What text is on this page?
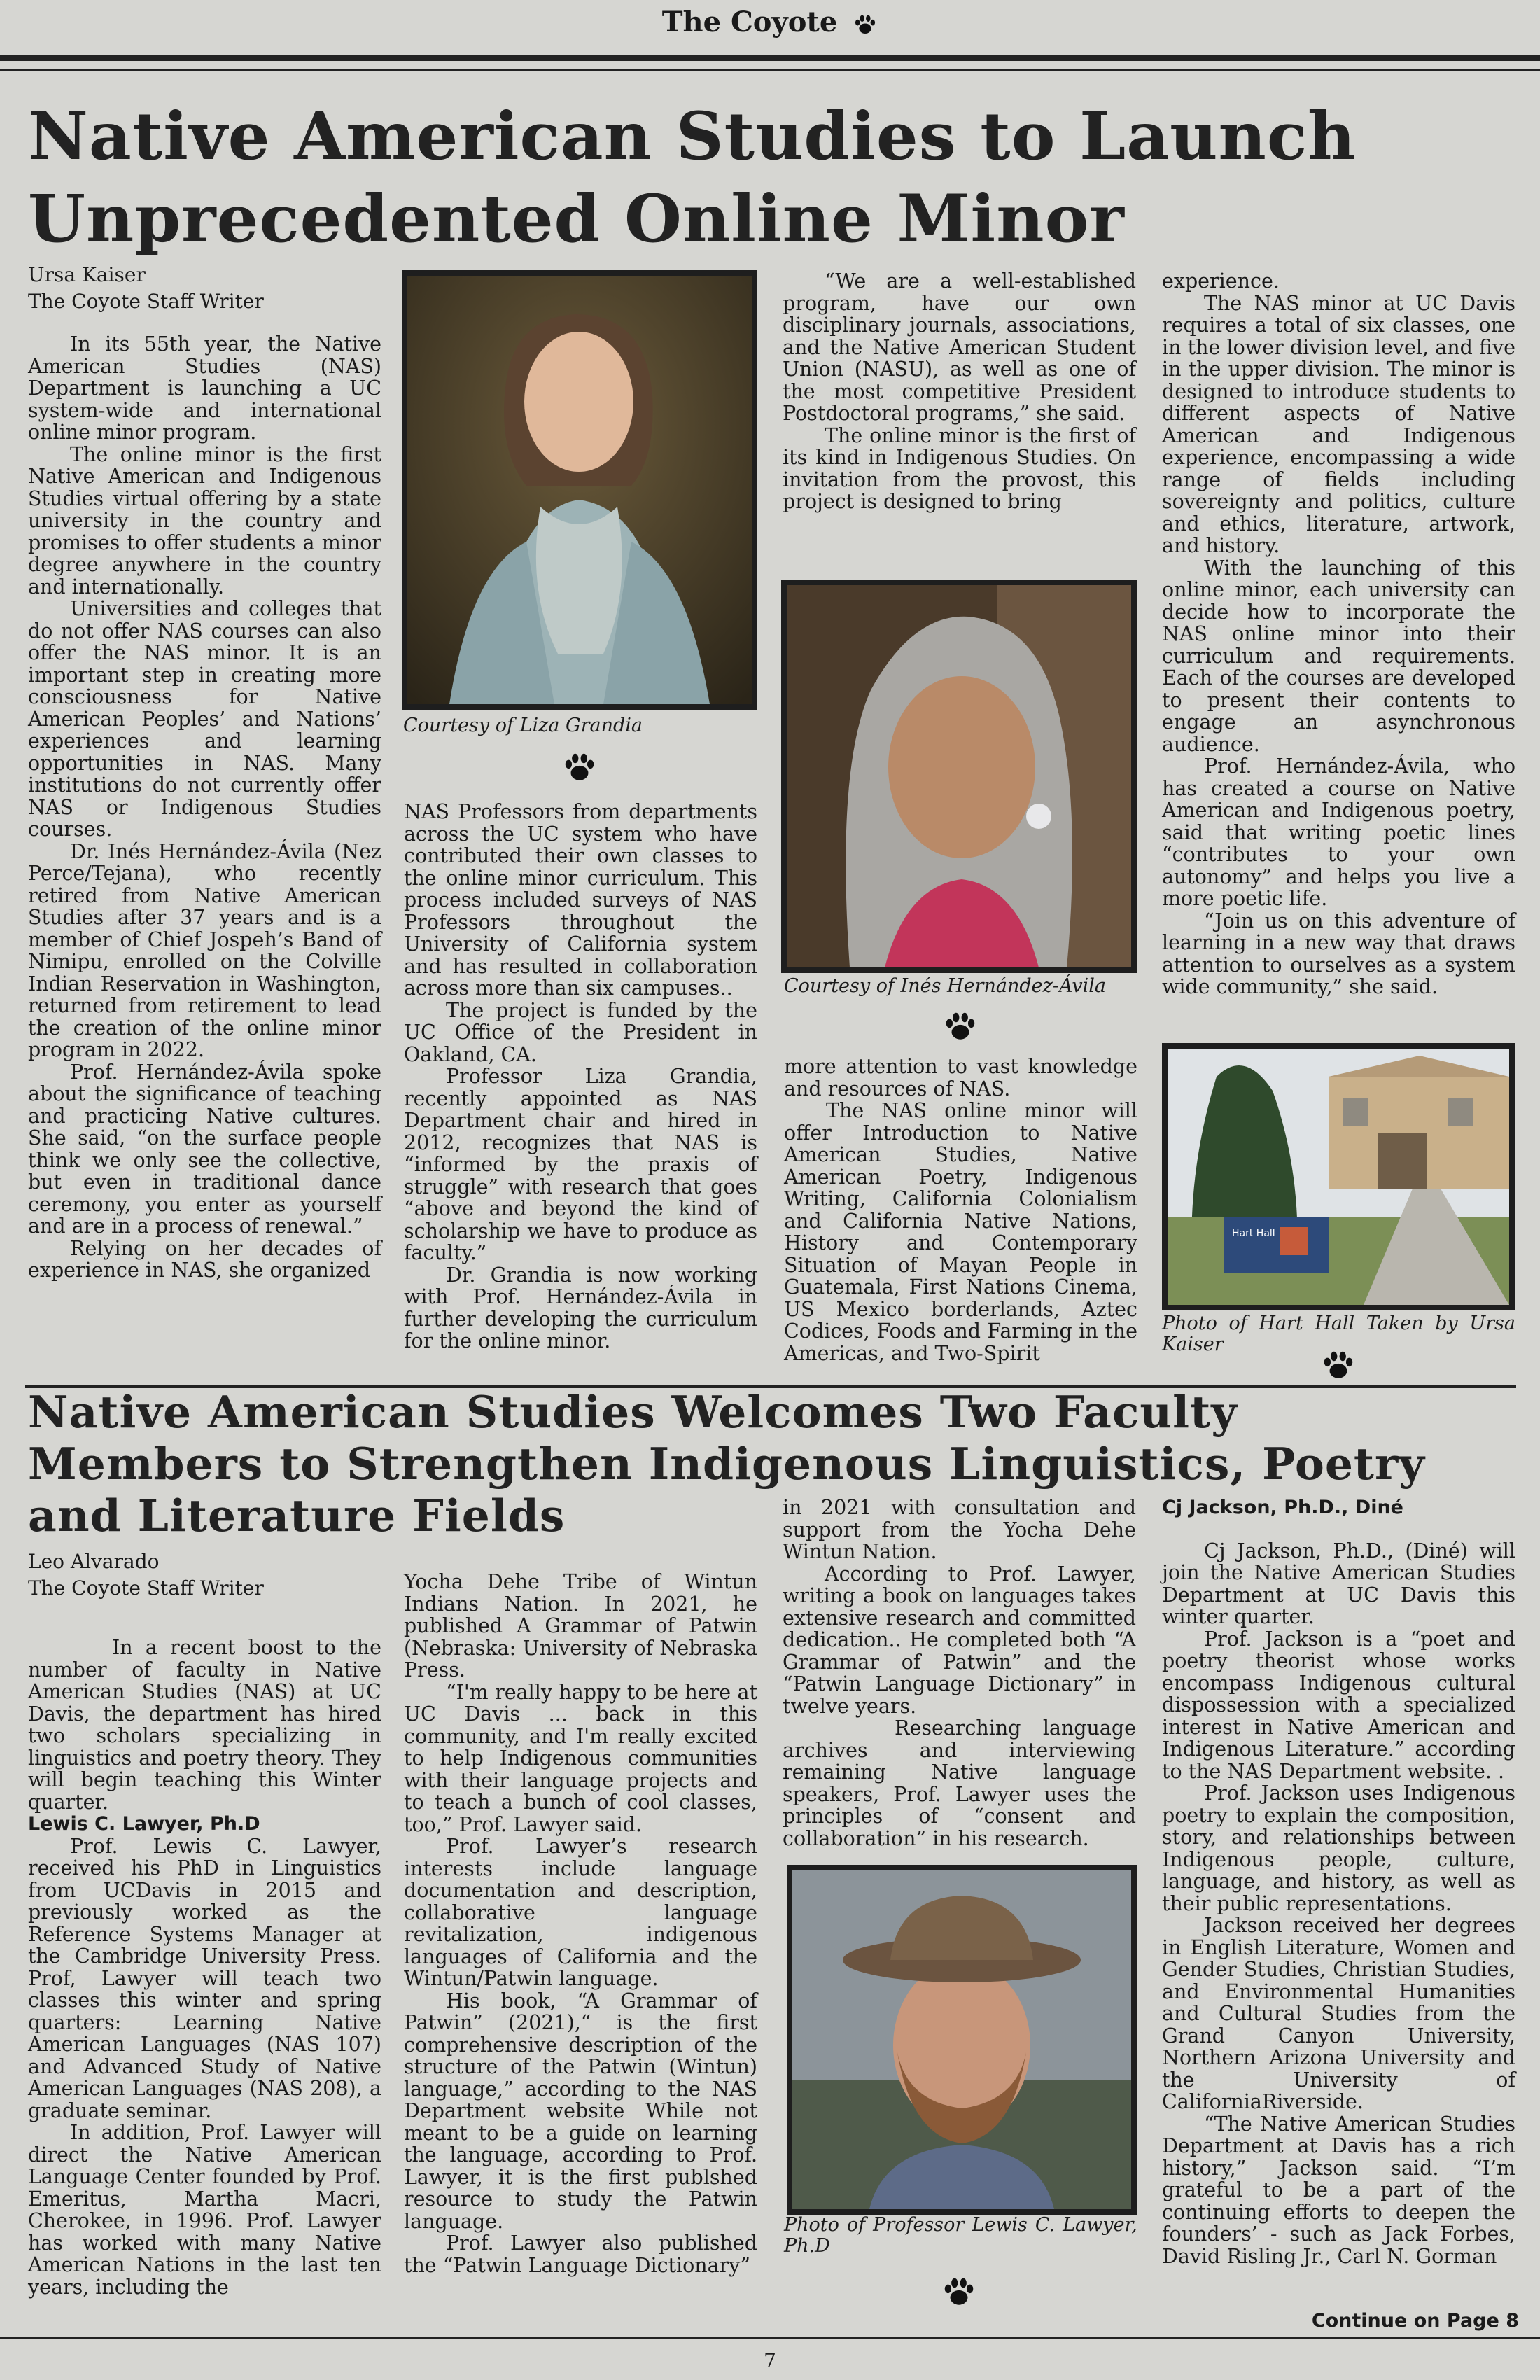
The Coyote
Native American Studies to Launch
Unprecedented Online Minor
Ursa Kaiser
The Coyote Staff Writer

In its 55th year, the Native American Studies (NAS) Department is launching a UC system-wide and international online minor program.

The online minor is the first Native American and Indigenous Studies virtual offering by a state university in the country and promises to offer students a minor degree anywhere in the country and internationally.

Universities and colleges that do not offer NAS courses can also offer the NAS minor. It is an important step in creating more consciousness for Native American Peoples’ and Nations’ experiences and learning opportunities in NAS. Many institutions do not currently offer NAS or Indigenous Studies courses.

Dr. Inés Hernández-Ávila (Nez Perce/Tejana), who recently retired from Native American Studies after 37 years and is a member of Chief Jospeh’s Band of Nimipu, enrolled on the Colville Indian Reservation in Washington, returned from retirement to lead the creation of the online minor program in 2022.

Prof. Hernández-Ávila spoke about the significance of teaching and practicing Native cultures. She said, “on the surface people think we only see the collective, but even in traditional dance ceremony, you enter as yourself and are in a process of renewal.”

Relying on her decades of experience in NAS, she organized

Courtesy of Liza Grandia

NAS Professors from departments across the UC system who have contributed their own classes to the online minor curriculum. This process included surveys of NAS Professors throughout the University of California system and has resulted in collaboration across more than six campuses..

The project is funded by the UC Office of the President in Oakland, CA.

Professor Liza Grandia, recently appointed as NAS Department chair and hired in 2012, recognizes that NAS is “informed by the praxis of struggle” with research that goes “above and beyond the kind of scholarship we have to produce as faculty.”

Dr. Grandia is now working with Prof. Hernández-Ávila in further developing the curriculum for the online minor.

“We are a well-established program, have our own disciplinary journals, associations, and the Native American Student Union (NASU), as well as one of the most competitive President Postdoctoral programs,” she said.

The online minor is the first of its kind in Indigenous Studies. On invitation from the provost, this project is designed to bring

Courtesy of Inés Hernández-Ávila

more attention to vast knowledge and resources of NAS.

The NAS online minor will offer Introduction to Native American Studies, Native American Poetry, Indigenous Writing, California Colonialism and California Native Nations, History and Contemporary Situation of Mayan People in Guatemala, First Nations Cinema, US Mexico borderlands, Aztec Codices, Foods and Farming in the Americas, and Two-Spirit

experience.

The NAS minor at UC Davis requires a total of six classes, one in the lower division level, and five in the upper division. The minor is designed to introduce students to different aspects of Native American and Indigenous experience, encompassing a wide range of fields including sovereignty and politics, culture and ethics, literature, artwork, and history.

With the launching of this online minor, each university can decide how to incorporate the NAS online minor into their curriculum and requirements. Each of the courses are developed to present their contents to engage an asynchronous audience.

Prof. Hernández-Ávila, who has created a course on Native American and Indigenous poetry, said that writing poetic lines “contributes to your own autonomy” and helps you live a more poetic life.

“Join us on this adventure of learning in a new way that draws attention to ourselves as a system wide community,” she said.

Hart Hall
Photo of Hart Hall Taken by Ursa Kaiser
Native American Studies Welcomes Two Faculty
Members to Strengthen Indigenous Linguistics, Poetry
and Literature Fields
Leo Alvarado
The Coyote Staff Writer

In a recent boost to the number of faculty in Native American Studies (NAS) at UC Davis, the department has hired two scholars specializing in linguistics and poetry theory. They will begin teaching this Winter quarter.

Lewis C. Lawyer, Ph.D

Prof. Lewis C. Lawyer, received his PhD in Linguistics from UCDavis in 2015 and previously worked as the Reference Systems Manager at the Cambridge University Press. Prof, Lawyer will teach two classes this winter and spring quarters: Learning Native American Languages (NAS 107) and Advanced Study of Native American Languages (NAS 208), a graduate seminar.

In addition, Prof. Lawyer will direct the Native American Language Center founded by Prof. Emeritus, Martha Macri, Cherokee, in 1996. Prof. Lawyer has worked with many Native American Nations in the last ten years, including the

Yocha Dehe Tribe of Wintun Indians Nation. In 2021, he published A Grammar of Patwin (Nebraska: University of Nebraska Press.

“I'm really happy to be here at UC Davis ... back in this community, and I'm really excited to help Indigenous communities with their language projects and to teach a bunch of cool classes, too,” Prof. Lawyer said.

Prof. Lawyer’s research interests include language documentation and description, collaborative language revitalization, indigenous languages of California and the Wintun/Patwin language.

His book, “A Grammar of Patwin” (2021),“ is the first comprehensive description of the structure of the Patwin (Wintun) language,” according to the NAS Department website While not meant to be a guide on learning the language, according to Prof. Lawyer, it is the first publshed resource to study the Patwin language.

Prof. Lawyer also published the “Patwin Language Dictionary”

in 2021 with consultation and support from the Yocha Dehe Wintun Nation.

According to Prof. Lawyer, writing a book on languages takes extensive research and committed dedication.. He completed both “A Grammar of Patwin” and the “Patwin Language Dictionary” in twelve years.

Researching language archives and interviewing remaining Native language speakers, Prof. Lawyer uses the principles of “consent and collaboration” in his research.

Photo of Professor Lewis C. Lawyer, Ph.D
Cj Jackson, Ph.D., Diné

Cj Jackson, Ph.D., (Diné) will join the Native American Studies Department at UC Davis this winter quarter.

Prof. Jackson is a “poet and poetry theorist whose works encompass Indigenous cultural dispossession with a specialized interest in Native American and Indigenous Literature.” according to the NAS Department website. .

Prof. Jackson uses Indigenous poetry to explain the composition, story, and relationships between Indigenous people, culture, language, and history, as well as their public representations.

Jackson received her degrees in English Literature, Women and Gender Studies, Christian Studies, and Environmental Humanities and Cultural Studies from the Grand Canyon University, Northern Arizona University and the University of CaliforniaRiverside.

“The Native American Studies Department at Davis has a rich history,” Jackson said. “I’m grateful to be a part of the continuing efforts to deepen the founders’ - such as Jack Forbes, David Risling Jr., Carl N. Gorman

Continue on Page 8
7
